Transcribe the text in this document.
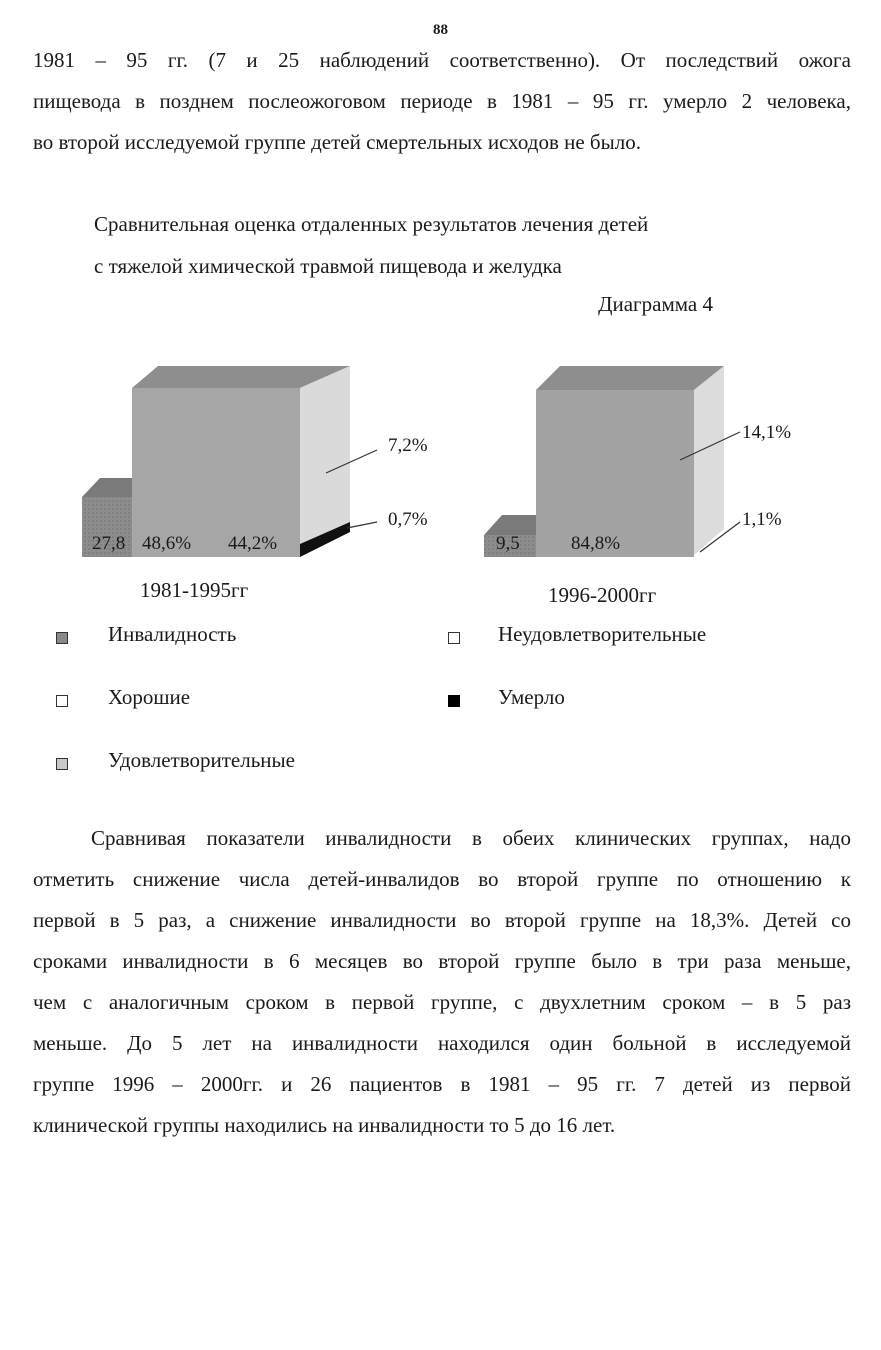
88
1981 – 95 гг. (7 и 25 наблюдений соответственно). От последствий ожога
пищевода в позднем послеожоговом периоде в 1981 – 95 гг. умерло 2 человека,
во второй исследуемой группе детей смертельных исходов не было.
Сравнительная оценка отдаленных результатов лечения детей
с тяжелой химической травмой пищевода и желудка
Диаграмма 4
27,8 48,6% 44,2%
7,2%
0,7%
9,5	84,8%
14,1%
1,1%
1981-1995гг	1996-2000гг
Инвалидность	Неудовлетворительные
Хорошие	Умерло
Удовлетворительные
Сравнивая показатели инвалидности в обеих клинических группах, надо
отметить снижение числа детей-инвалидов во второй группе по отношению к
первой в 5 раз, а снижение инвалидности во второй группе на 18,3%. Детей со
сроками инвалидности в 6 месяцев во второй группе было в три раза меньше,
чем с аналогичным сроком в первой группе, с двухлетним сроком – в 5 раз
меньше. До 5 лет на инвалидности находился один больной в исследуемой
группе 1996 – 2000гг. и 26 пациентов в 1981 – 95 гг. 7 детей из первой
клинической группы находились на инвалидности то 5 до 16 лет.
